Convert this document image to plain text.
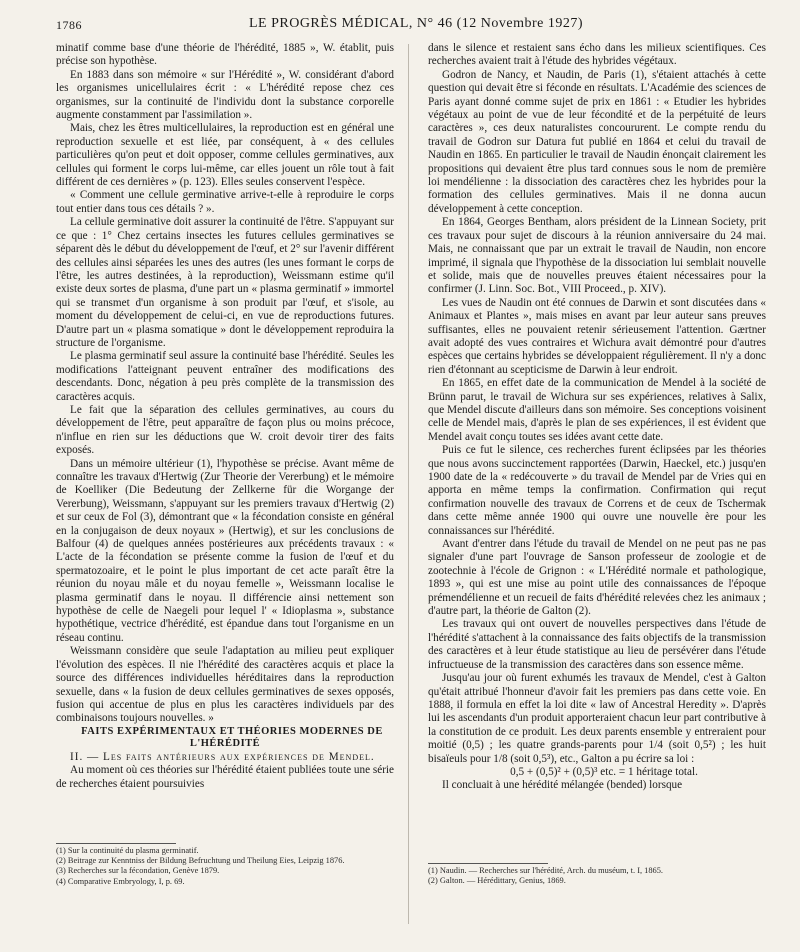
1786	LE PROGRÈS MÉDICAL, N° 46 (12 Novembre 1927)

minatif comme base d'une théorie de l'hérédité, 1885 », W. établit, puis précise son hypothèse.

En 1883 dans son mémoire « sur l'Hérédité », W. considérant d'abord les organismes unicellulaires écrit : « L'hérédité repose chez ces organismes, sur la continuité de l'individu dont la substance corporelle augmente constamment par l'assimilation ».

Mais, chez les êtres multicellulaires, la reproduction est en général une reproduction sexuelle et est liée, par conséquent, à « des cellules particulières qu'on peut et doit opposer, comme cellules germinatives, aux cellules qui forment le corps lui-même, car elles jouent un rôle tout à fait différent de ces dernières » (p. 123). Elles seules conservent l'espèce.

« Comment une cellule germinative arrive-t-elle à reproduire le corps tout entier dans tous ces détails ? ».

La cellule germinative doit assurer la continuité de l'être. S'appuyant sur ce que : 1° Chez certains insectes les futures cellules germinatives se séparent dès le début du développement de l'œuf, et 2° sur l'avenir différent des cellules ainsi séparées les unes des autres (les unes formant le corps de l'être, les autres destinées, à la reproduction), Weissmann estime qu'il existe deux sortes de plasma, d'une part un « plasma germinatif » immortel qui se transmet d'un organisme à son produit par l'œuf, et s'isole, au moment du développement de celui-ci, en vue de reproductions futures. D'autre part un « plasma somatique » dont le développement reproduira la structure de l'organisme.

Le plasma germinatif seul assure la continuité base l'hérédité. Seules les modifications l'atteignant peuvent entraîner des modifications des descendants. Donc, négation à peu près complète de la transmission des caractères acquis.

Le fait que la séparation des cellules germinatives, au cours du développement de l'être, peut apparaître de façon plus ou moins précoce, n'influe en rien sur les déductions que W. croit devoir tirer des faits exposés.

Dans un mémoire ultérieur (1), l'hypothèse se précise. Avant même de connaître les travaux d'Hertwig (Zur Theorie der Vererbung) et le mémoire de Koelliker (Die Bedeutung der Zellkerne für die Worgange der Vererbung), Weissmann, s'appuyant sur les premiers travaux d'Hertwig (2) et sur ceux de Fol (3), démontrant que « la fécondation consiste en général en la conjugaison de deux noyaux » (Hertwig), et sur les conclusions de Balfour (4) de quelques années postérieures aux précédents travaux : « L'acte de la fécondation se présente comme la fusion de l'œuf et du spermatozoaire, et le point le plus important de cet acte paraît être la réunion du noyau mâle et du noyau femelle », Weissmann localise le plasma germinatif dans le noyau. Il différencie ainsi nettement son hypothèse de celle de Naegeli pour lequel l' « Idioplasma », substance hypothétique, vectrice d'hérédité, est épandue dans tout l'organisme en un réseau continu.

Weissmann considère que seule l'adaptation au milieu peut expliquer l'évolution des espèces. Il nie l'hérédité des caractères acquis et place la source des différences individuelles héréditaires dans la reproduction sexuelle, dans « la fusion de deux cellules germinatives de sexes opposés, fusion qui accentue de plus en plus les caractères individuels par des combinaisons toujours nouvelles. »

FAITS EXPÉRIMENTAUX ET THÉORIES MODERNES DE L'HÉRÉDITÉ

II. — Les faits antérieurs aux expériences de Mendel.

Au moment où ces théories sur l'hérédité étaient publiées toute une série de recherches étaient poursuivies

(1) Sur la continuité du plasma germinatif.
(2) Beitrage zur Kenntniss der Bildung Befruchtung und Theilung Eies, Leipzig 1876.
(3) Recherches sur la fécondation, Genève 1879.
(4) Comparative Embryology, I, p. 69.

dans le silence et restaient sans écho dans les milieux scientifiques. Ces recherches avaient trait à l'étude des hybrides végétaux.

Godron de Nancy, et Naudin, de Paris (1), s'étaient attachés à cette question qui devait être si féconde en résultats. L'Académie des sciences de Paris ayant donné comme sujet de prix en 1861 : « Etudier les hybrides végétaux au point de vue de leur fécondité et de la perpétuité de leurs caractères », ces deux naturalistes concoururent. Le compte rendu du travail de Godron sur Datura fut publié en 1864 et celui du travail de Naudin en 1865. En particulier le travail de Naudin énonçait clairement les propositions qui devaient être plus tard connues sous le nom de première loi mendélienne : la dissociation des caractères chez les hybrides pour la formation des cellules germinatives. Mais il ne donna aucun développement à cette conception.

En 1864, Georges Bentham, alors président de la Linnean Society, prit ces travaux pour sujet de discours à la réunion anniversaire du 24 mai. Mais, ne connaissant que par un extrait le travail de Naudin, non encore imprimé, il signala que l'hypothèse de la dissociation lui semblait nouvelle et solide, mais que de nouvelles preuves étaient nécessaires pour la confirmer (J. Linn. Soc. Bot., VIII Proceed., p. XIV).

Les vues de Naudin ont été connues de Darwin et sont discutées dans « Animaux et Plantes », mais mises en avant par leur auteur sans preuves suffisantes, elles ne pouvaient retenir sérieusement l'attention. Gærtner avait adopté des vues contraires et Wichura avait démontré pour d'autres espèces que certains hybrides se développaient régulièrement. Il n'y a donc rien d'étonnant au scepticisme de Darwin à leur endroit.

En 1865, en effet date de la communication de Mendel à la société de Brünn parut, le travail de Wichura sur ses expériences, relatives à Salix, que Mendel discute d'ailleurs dans son mémoire. Ses conceptions voisinent celle de Mendel mais, d'après le plan de ses expériences, il est évident que Mendel avait conçu toutes ses idées avant cette date.

Puis ce fut le silence, ces recherches furent éclipsées par les théories que nous avons succinctement rapportées (Darwin, Haeckel, etc.) jusqu'en 1900 date de la « redécouverte » du travail de Mendel par de Vries qui en apporta en même temps la confirmation. Confirmation qui reçut confirmation nouvelle des travaux de Correns et de ceux de Tschermak dans cette même année 1900 qui ouvre une nouvelle ère pour les connaissances sur l'hérédité.

Avant d'entrer dans l'étude du travail de Mendel on ne peut pas ne pas signaler d'une part l'ouvrage de Sanson professeur de zoologie et de zootechnie à l'école de Grignon : « L'Hérédité normale et pathologique, 1893 », qui est une mise au point utile des connaissances de l'époque prémendélienne et un recueil de faits d'hérédité relevées chez les animaux ; d'autre part, la théorie de Galton (2).

Les travaux qui ont ouvert de nouvelles perspectives dans l'étude de l'hérédité s'attachent à la connaissance des faits objectifs de la transmission des caractères et à leur étude statistique au lieu de persévérer dans l'étude infructueuse de la transmission des caractères dans son essence même.

Jusqu'au jour où furent exhumés les travaux de Mendel, c'est à Galton qu'était attribué l'honneur d'avoir fait les premiers pas dans cette voie. En 1888, il formula en effet la loi dite « law of Ancestral Heredity ». D'après lui les ascendants d'un produit apporteraient chacun leur part contributive à la constitution de ce produit. Les deux parents ensemble y entreraient pour moitié (0,5) ; les quatre grands-parents pour 1/4 (soit 0,5²) ; les huit bisaïeuls pour 1/8 (soit 0,5³), etc., Galton a pu écrire sa loi :

0,5 + (0,5)² + (0,5)³ etc. = 1 héritage total.

Il concluait à une hérédité mélangée (bended) lorsque

(1) Naudin. — Recherches sur l'hérédité, Arch. du muséum, t. I, 1865.
(2) Galton. — Hérédittary, Genius, 1869.
